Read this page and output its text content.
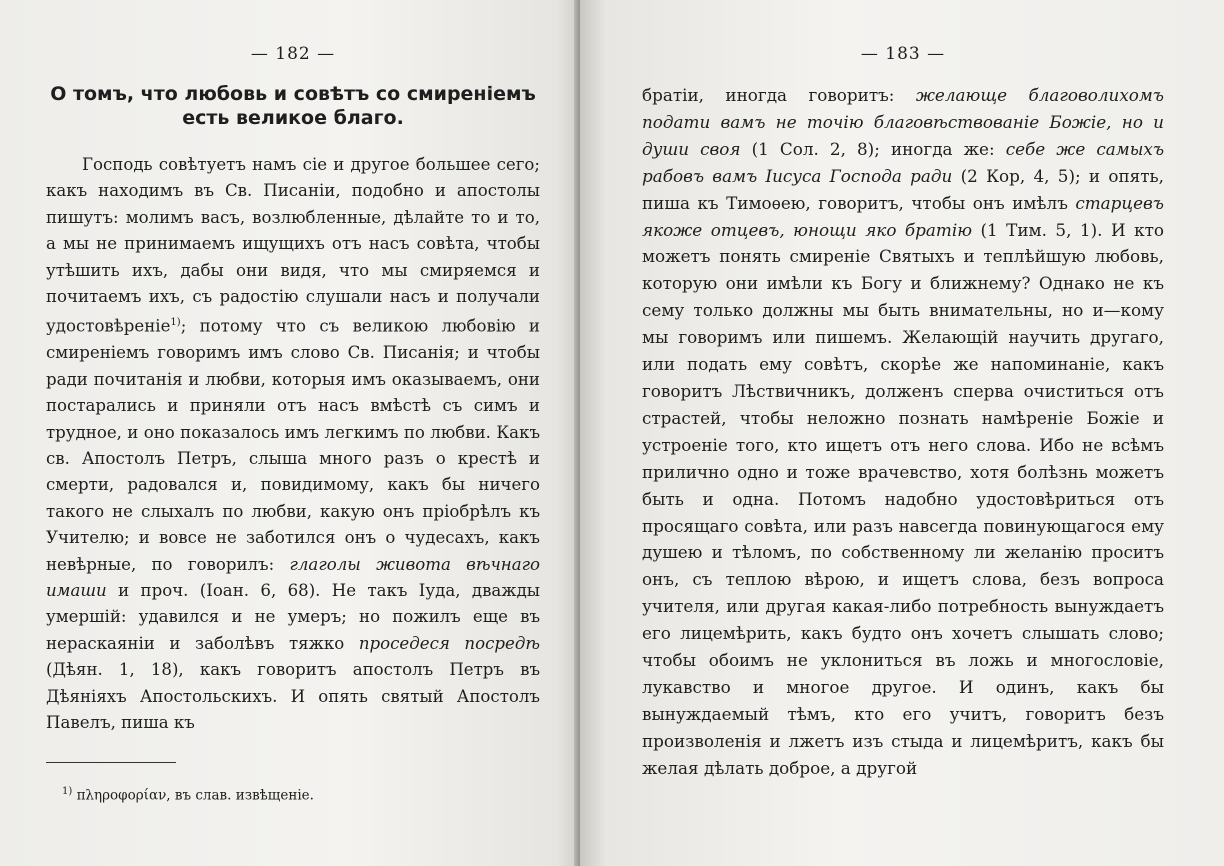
— 182 —
О томъ, что любовь и совѣтъ со смиреніемъ
есть великое благо.

Господь совѣтуетъ намъ сіе и другое большее сего; какъ находимъ въ Св. Писаніи, подобно и апостолы пишутъ: молимъ васъ, возлюбленные, дѣлайте то и то, а мы не принимаемъ ищущихъ отъ насъ совѣта, чтобы утѣшить ихъ, дабы они видя, что мы смиряемся и почитаемъ ихъ, съ радостію слушали насъ и получали удостовѣреніе$^{1)}$; потому что съ великою любовію и смиреніемъ говоримъ имъ слово Св. Писанія; и чтобы ради почитанія и любви, которыя имъ оказываемъ, они постарались и приняли отъ насъ вмѣстѣ съ симъ и трудное, и оно показалось имъ легкимъ по любви. Какъ св. Апостолъ Петръ, слыша много разъ о крестѣ и смерти, радовался и, повидимому, какъ бы ничего такого не слыхалъ по любви, какую онъ пріобрѣлъ къ Учителю; и вовсе не заботился онъ о чудесахъ, какъ невѣрные, по говорилъ: глаголы живота вѣчнаго имаши и проч. (Іоан. 6, 68). Не такъ Іуда, дважды умершій: удавился и не умеръ; но пожилъ еще въ нераскаяніи и заболѣвъ тяжко проседеся посредѣ (Дѣян. 1, 18), какъ говоритъ апостолъ Петръ въ Дѣяніяхъ Апостольскихъ. И опять святый Апостолъ Павелъ, пиша къ

$^{1)}$ πληροφορίαν, въ слав. извѣщеніе.
— 183 —

братіи, иногда говоритъ: желающе благоволихомъ подати вамъ не точію благовѣствованіе Божіе, но и души своя (1 Сол. 2, 8); иногда же: себе же самыхъ рабовъ вамъ Іисуса Господа ради (2 Кор, 4, 5); и опять, пиша къ Тимоѳею, говоритъ, чтобы онъ имѣлъ старцевъ якоже отцевъ, юнощи яко братію (1 Тим. 5, 1). И кто можетъ понять смиреніе Святыхъ и теплѣйшую любовь, которую они имѣли къ Богу и ближнему? Однако не къ сему только должны мы быть внимательны, но и—кому мы говоримъ или пишемъ. Желающій научить другаго, или подать ему совѣтъ, скорѣе же напоминаніе, какъ говоритъ Лѣствичникъ, долженъ сперва очиститься отъ страстей, чтобы неложно познать намѣреніе Божіе и устроеніе того, кто ищетъ отъ него слова. Ибо не всѣмъ прилично одно и тоже врачевство, хотя болѣзнь можетъ быть и одна. Потомъ надобно удостовѣриться отъ просящаго совѣта, или разъ навсегда повинующагося ему душею и тѣломъ, по собственному ли желанію проситъ онъ, съ теплою вѣрою, и ищетъ слова, безъ вопроса учителя, или другая какая-либо потребность вынуждаетъ его лицемѣрить, какъ будто онъ хочетъ слышать слово; чтобы обоимъ не уклониться въ ложь и многословіе, лукавство и многое другое. И одинъ, какъ бы вынуждаемый тѣмъ, кто его учитъ, говоритъ безъ произволенія и лжетъ изъ стыда и лицемѣритъ, какъ бы желая дѣлать доброе, а другой
